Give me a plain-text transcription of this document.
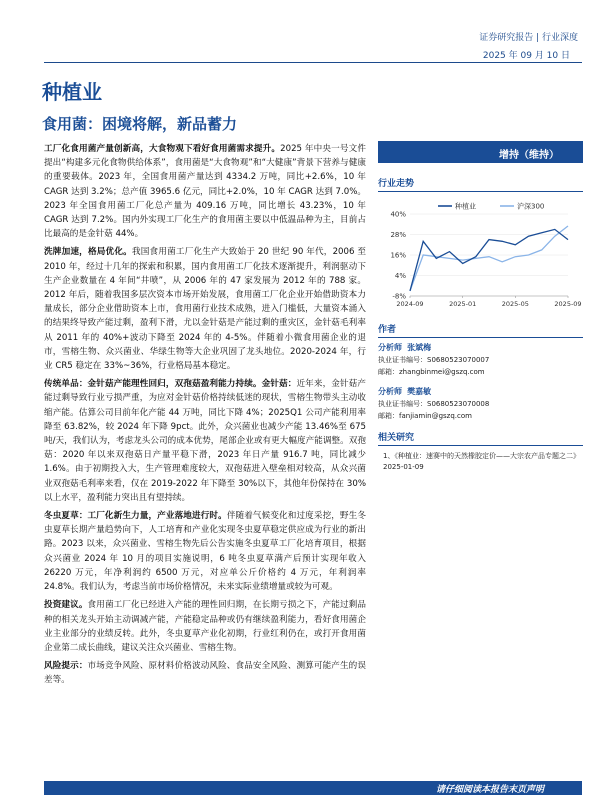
证券研究报告 | 行业深度
2025 年 09 月 10 日
种植业
食用菌：困境将解，新品蓄力

工厂化食用菌产量创新高，大食物观下看好食用菌需求提升。2025 年中央一号文件提出“构建多元化食物供给体系”，食用菌是“大食物观”和“大健康”背景下营养与健康的重要载体。2023 年，全国食用菌产量达到 4334.2 万吨，同比+2.6%，10 年 CAGR 达到 3.2%；总产值 3965.6 亿元，同比+2.0%，10 年 CAGR 达到 7.0%。2023 年全国食用菌工厂化总产量为 409.16 万吨，同比增长 43.23%，10 年 CAGR 达到 7.2%。国内外实现工厂化生产的食用菌主要以中低温品种为主，目前占比最高的是金针菇 44%。

洗牌加速，格局优化。我国食用菌工厂化生产大致始于 20 世纪 90 年代，2006 至 2010 年，经过十几年的探索和积累，国内食用菌工厂化技术逐渐提升，利润驱动下生产企业数量在 4 年间“井喷”，从 2006 年的 47 家发展为 2012 年的 788 家。2012 年后，随着我国多层次资本市场开始发展，食用菌工厂化企业开始借助资本力量成长，部分企业借助资本上市，食用菌行业技术成熟，进入门槛低，大量资本涌入的结果终导致产能过剩，盈利下滑，尤以金针菇是产能过剩的重灾区，金针菇毛利率从 2011 年的 40%+波动下降至 2024 年的 4-5%。伴随着小微食用菌企业的退市，雪榕生物、众兴菌业、华绿生物等大企业巩固了龙头地位。2020-2024 年，行业 CR5 稳定在 33%~36%，行业格局基本稳定。

传统单品：金针菇产能理性回归，双孢菇盈利能力持续。金针菇：近年来，金针菇产能过剩导致行业亏损严重，为应对金针菇价格持续低迷的现状，雪榕生物带头主动收缩产能。估算公司目前年化产能 44 万吨，同比下降 4%；2025Q1 公司产能利用率降至 63.82%，较 2024 年下降 9pct。此外，众兴菌业也减少产能 13.46%至 675 吨/天，我们认为，考虑龙头公司的成本优势，尾部企业或有更大幅度产能调整。双孢菇：2020 年以来双孢菇日产量平稳下滑，2023 年日产量 916.7 吨，同比减少 1.6%。由于初期投入大，生产管理难度较大，双孢菇进入壁垒相对较高，从众兴菌业双孢菇毛利率来看，仅在 2019-2022 年下降至 30%以下，其他年份保持在 30%以上水平，盈利能力突出且有望持续。

冬虫夏草：工厂化新生力量，产业落地进行时。伴随着气候变化和过度采挖，野生冬虫夏草长期产量趋势向下，人工培育和产业化实现冬虫夏草稳定供应成为行业的新出路。2023 以来，众兴菌业、雪榕生物先后公告实施冬虫夏草工厂化培育项目，根据众兴菌业 2024 年 10 月的项目实施说明，6 吨冬虫夏草满产后预计实现年收入 26220 万元，年净利润约 6500 万元，对应单公斤价格约 4 万元，年利润率 24.8%。我们认为，考虑当前市场价格情况，未来实际业绩增量或较为可观。

投资建议。食用菌工厂化已经进入产能的理性回归期，在长期亏损之下，产能过剩品种的相关龙头开始主动调减产能，产能稳定品种或仍有继续盈利能力，看好食用菌企业主业部分的业绩反转。此外，冬虫夏草产业化初期，行业红利仍在，或打开食用菌企业第二成长曲线，建议关注众兴菌业、雪榕生物。

风险提示：市场竞争风险、原材料价格波动风险、食品安全风险、测算可能产生的误差等。

增持（维持）
行业走势
40%
28%
16%
4%
-8%
2024-09	2025-01	2025-05	2025-09
种植业	沪深300
作者
分析师 张斌梅
执业证书编号：S0680523070007
邮箱：zhangbinmei@gszq.com
分析师 樊嘉敏
执业证书编号：S0680523070008
邮箱：fanjiamin@gszq.com
相关研究
1、《种植业：速赛中的天然橡胶定价——大宗农产品专题之二》 2025-01-09
请仔细阅读本报告末页声明
